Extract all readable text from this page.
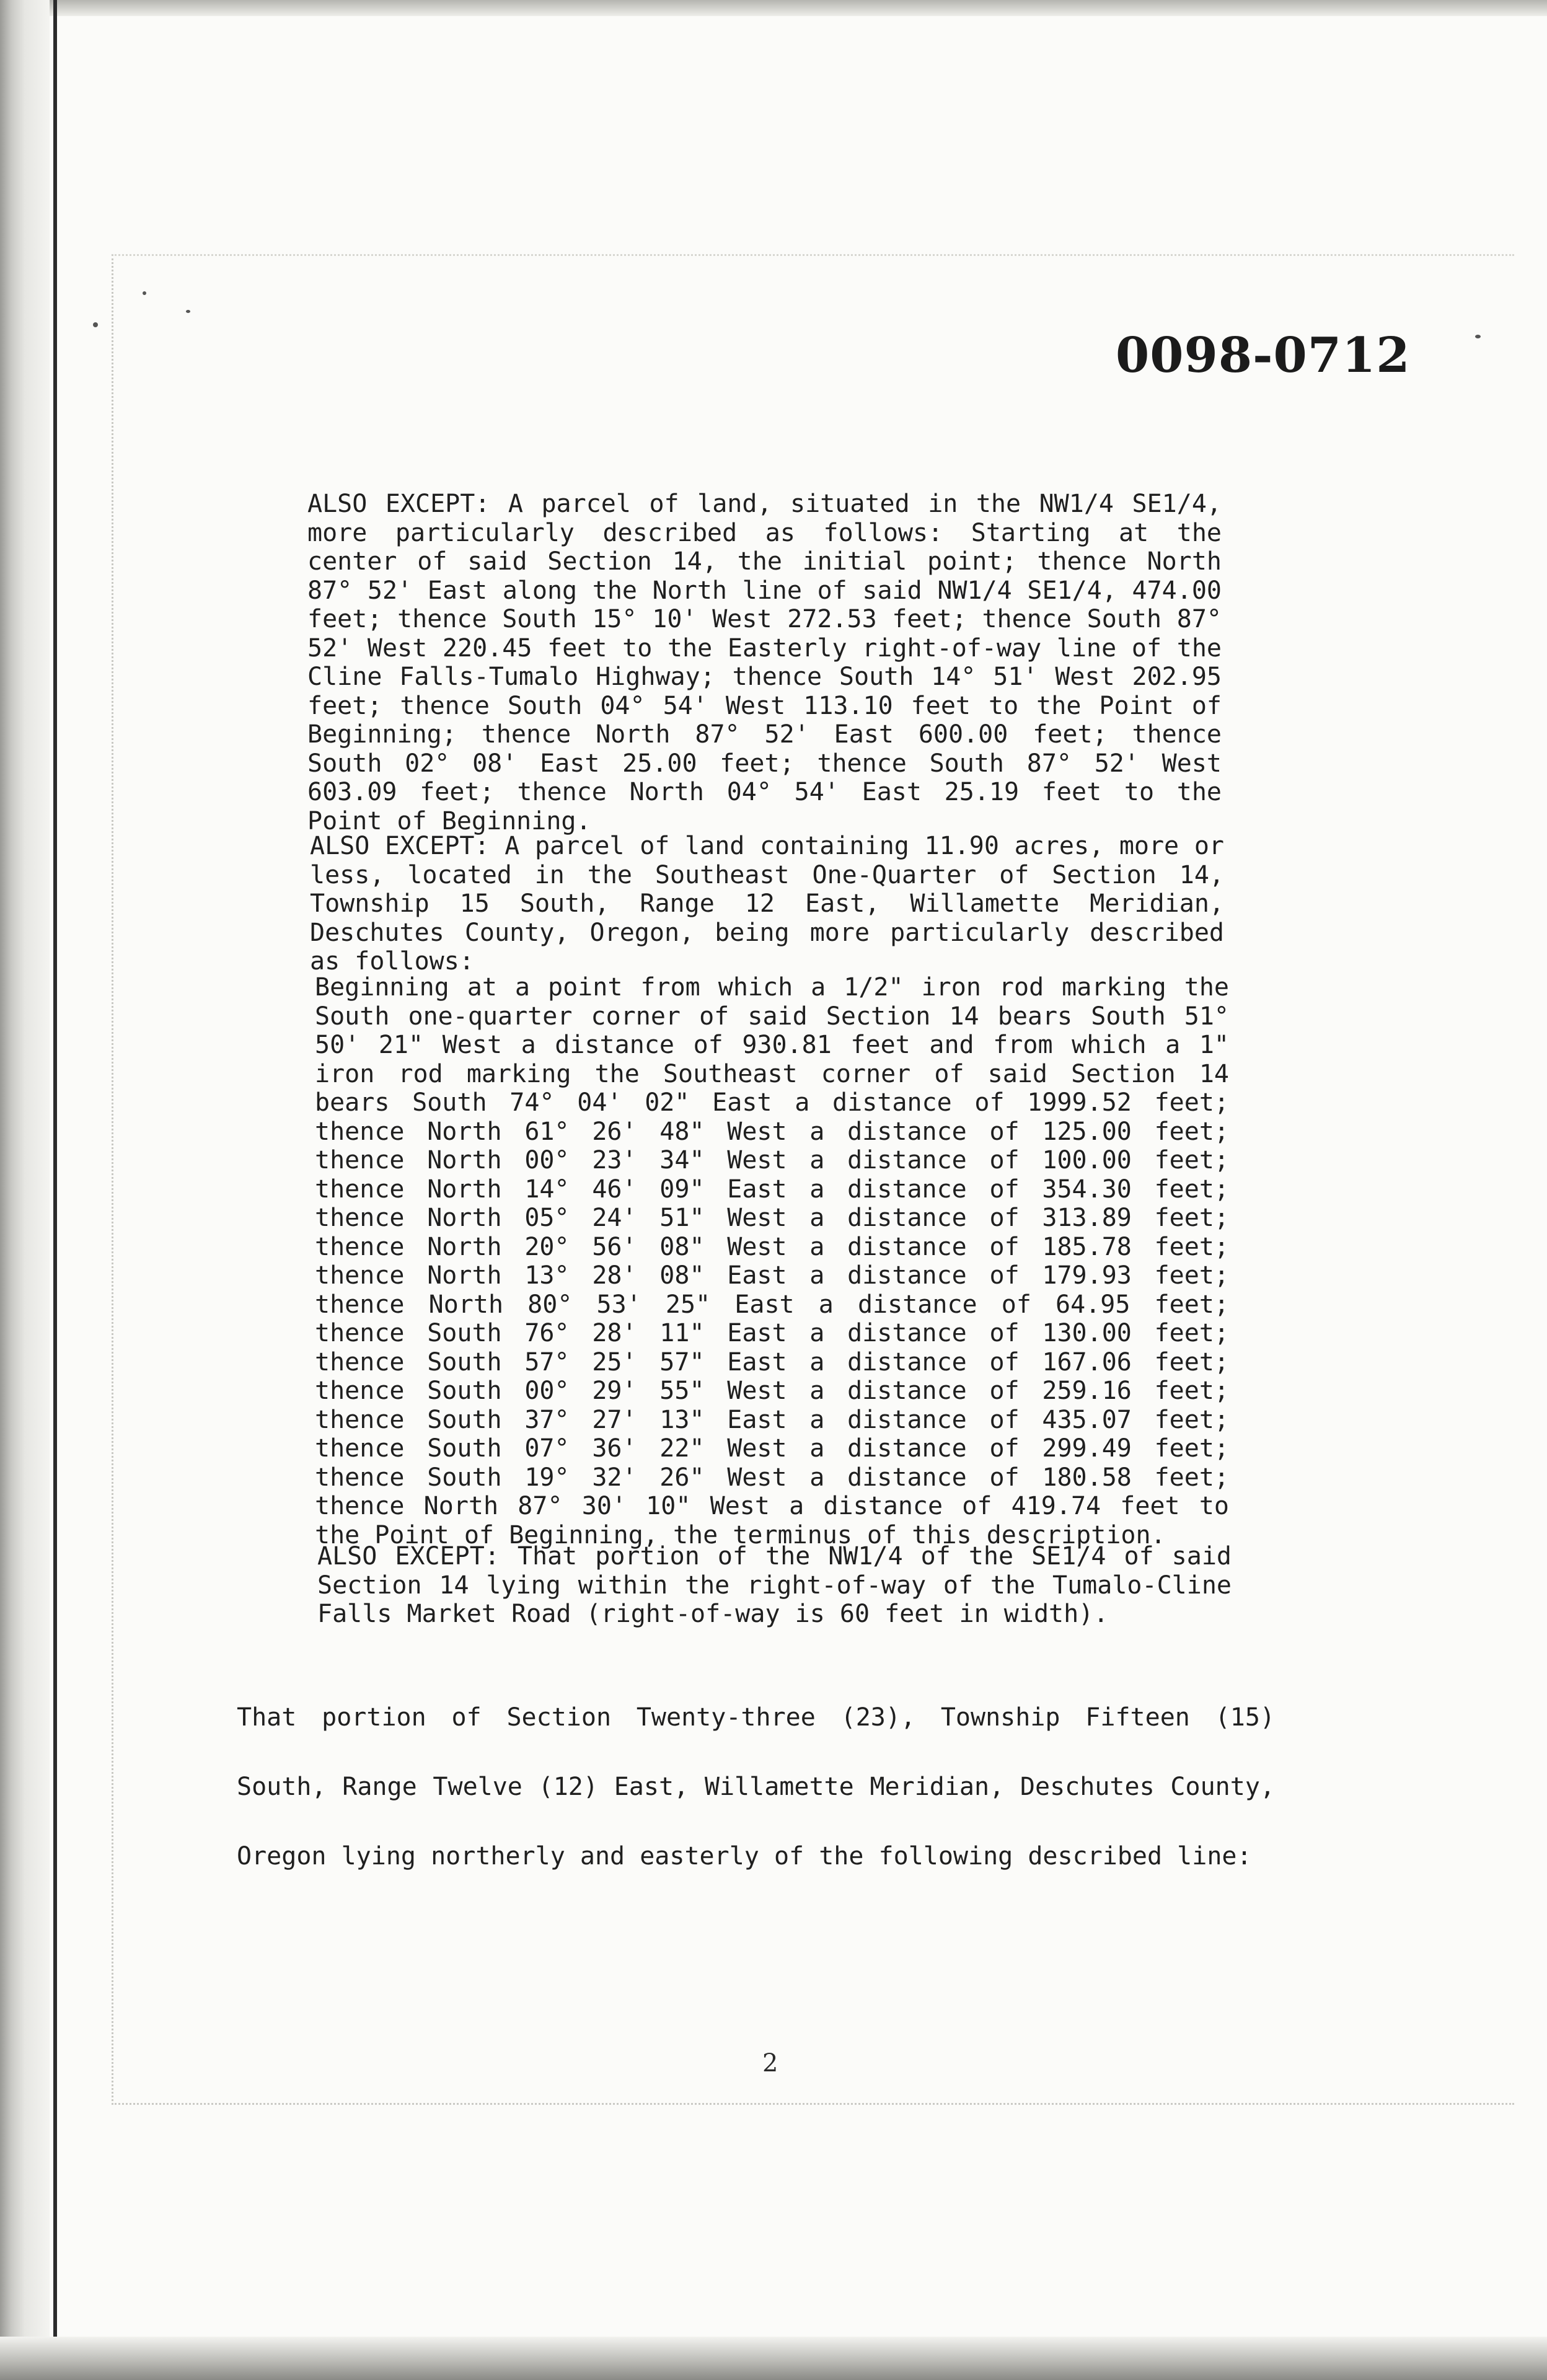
0098-0712

ALSO EXCEPT: A parcel of land, situated in the NW1/4 SE1/4, more particularly described as follows: Starting at the center of said Section 14, the initial point; thence North 87° 52' East along the North line of said NW1/4 SE1/4, 474.00 feet; thence South 15° 10' West 272.53 feet; thence South 87° 52' West 220.45 feet to the Easterly right-of-way line of the Cline Falls-Tumalo Highway; thence South 14° 51' West 202.95 feet; thence South 04° 54' West 113.10 feet to the Point of Beginning; thence North 87° 52' East 600.00 feet; thence South 02° 08' East 25.00 feet; thence South 87° 52' West 603.09 feet; thence North 04° 54' East 25.19 feet to the Point of Beginning.

ALSO EXCEPT: A parcel of land containing 11.90 acres, more or less, located in the Southeast One-Quarter of Section 14, Township 15 South, Range 12 East, Willamette Meridian, Deschutes County, Oregon, being more particularly described as follows:

Beginning at a point from which a 1/2" iron rod marking the South one-quarter corner of said Section 14 bears South 51° 50' 21" West a distance of 930.81 feet and from which a 1" iron rod marking the Southeast corner of said Section 14 bears South 74° 04' 02" East a distance of 1999.52 feet; thence North 61° 26' 48" West a distance of 125.00 feet; thence North 00° 23' 34" West a distance of 100.00 feet; thence North 14° 46' 09" East a distance of 354.30 feet; thence North 05° 24' 51" West a distance of 313.89 feet; thence North 20° 56' 08" West a distance of 185.78 feet; thence North 13° 28' 08" East a distance of 179.93 feet; thence North 80° 53' 25" East a distance of 64.95 feet; thence South 76° 28' 11" East a distance of 130.00 feet; thence South 57° 25' 57" East a distance of 167.06 feet; thence South 00° 29' 55" West a distance of 259.16 feet; thence South 37° 27' 13" East a distance of 435.07 feet; thence South 07° 36' 22" West a distance of 299.49 feet; thence South 19° 32' 26" West a distance of 180.58 feet; thence North 87° 30' 10" West a distance of 419.74 feet to the Point of Beginning, the terminus of this description.

ALSO EXCEPT: That portion of the NW1/4 of the SE1/4 of said Section 14 lying within the right-of-way of the Tumalo-Cline Falls Market Road (right-of-way is 60 feet in width).

That portion of Section Twenty-three (23), Township Fifteen (15) South, Range Twelve (12) East, Willamette Meridian, Deschutes County, Oregon lying northerly and easterly of the following described line:

2
